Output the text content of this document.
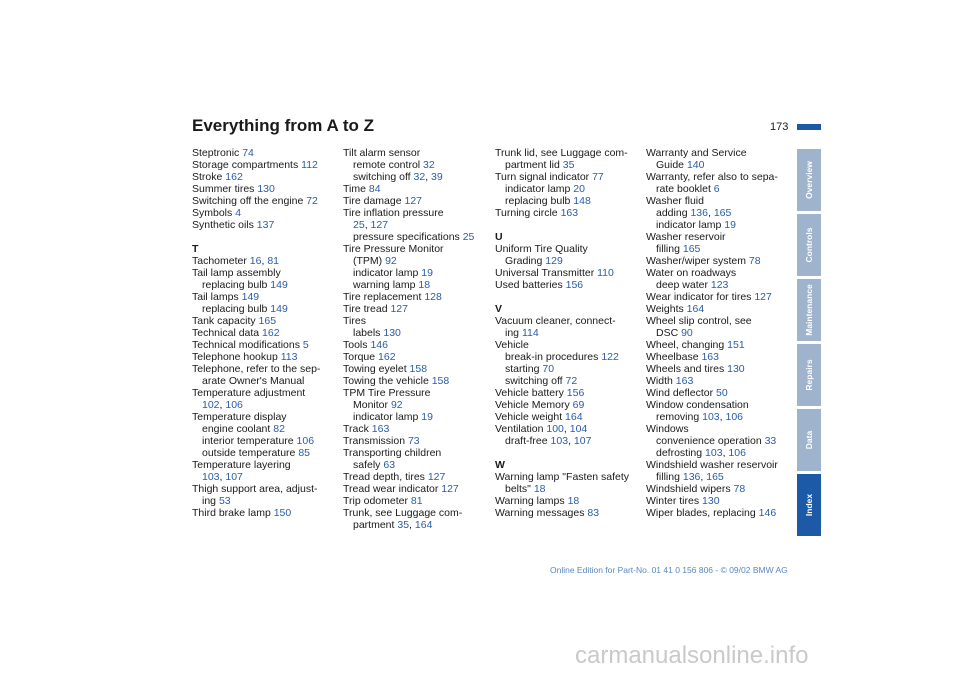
Everything from A to Z	173
Steptronic 74
Storage compartments 112
Stroke 162
Summer tires 130
Switching off the engine 72
Symbols 4
Synthetic oils 137
T
Tachometer 16, 81
Tail lamp assembly
replacing bulb 149
Tail lamps 149
replacing bulb 149
Tank capacity 165
Technical data 162
Technical modifications 5
Telephone hookup 113
Telephone, refer to the sep-
arate Owner's Manual
Temperature adjustment
102, 106
Temperature display
engine coolant 82
interior temperature 106
outside temperature 85
Temperature layering
103, 107
Thigh support area, adjust-
ing 53
Third brake lamp 150
Tilt alarm sensor
remote control 32
switching off 32, 39
Time 84
Tire damage 127
Tire inflation pressure
25, 127
pressure specifications 25
Tire Pressure Monitor
(TPM) 92
indicator lamp 19
warning lamp 18
Tire replacement 128
Tire tread 127
Tires
labels 130
Tools 146
Torque 162
Towing eyelet 158
Towing the vehicle 158
TPM Tire Pressure
Monitor 92
indicator lamp 19
Track 163
Transmission 73
Transporting children
safely 63
Tread depth, tires 127
Tread wear indicator 127
Trip odometer 81
Trunk, see Luggage com-
partment 35, 164
Trunk lid, see Luggage com-
partment lid 35
Turn signal indicator 77
indicator lamp 20
replacing bulb 148
Turning circle 163
U
Uniform Tire Quality
Grading 129
Universal Transmitter 110
Used batteries 156
V
Vacuum cleaner, connect-
ing 114
Vehicle
break-in procedures 122
starting 70
switching off 72
Vehicle battery 156
Vehicle Memory 69
Vehicle weight 164
Ventilation 100, 104
draft-free 103, 107
W
Warning lamp "Fasten safety
belts" 18
Warning lamps 18
Warning messages 83
Warranty and Service
Guide 140
Warranty, refer also to sepa-
rate booklet 6
Washer fluid
adding 136, 165
indicator lamp 19
Washer reservoir
filling 165
Washer/wiper system 78
Water on roadways
deep water 123
Wear indicator for tires 127
Weights 164
Wheel slip control, see
DSC 90
Wheel, changing 151
Wheelbase 163
Wheels and tires 130
Width 163
Wind deflector 50
Window condensation
removing 103, 106
Windows
convenience operation 33
defrosting 103, 106
Windshield washer reservoir
filling 136, 165
Windshield wipers 78
Winter tires 130
Wiper blades, replacing 146
Overview
Controls
Maintenance
Repairs
Data
Index
Online Edition for Part-No. 01 41 0 156 806 - © 09/02 BMW AG
carmanualsonline.info
